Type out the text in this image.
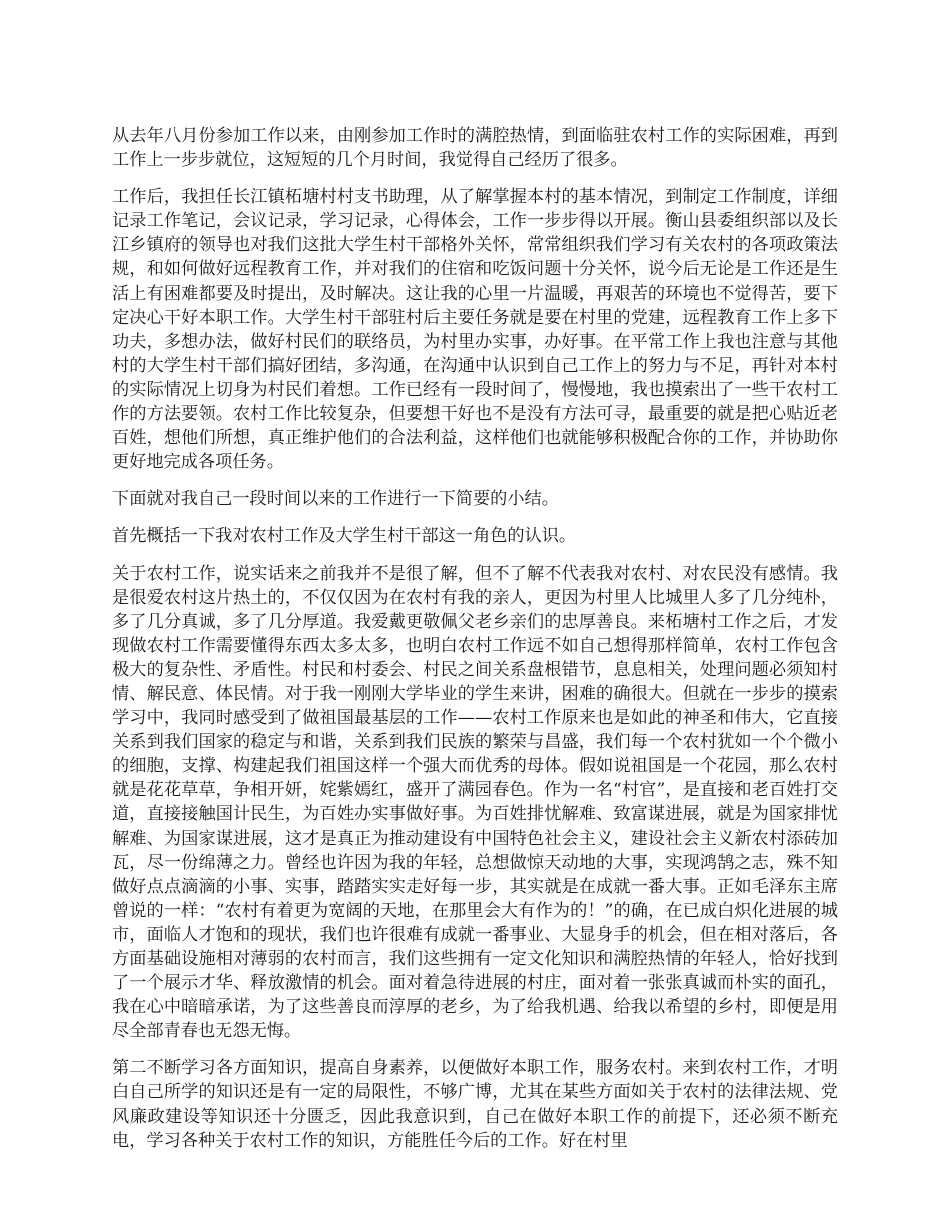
从去年八月份参加工作以来，由刚参加工作时的满腔热情，到面临驻农村工作的实际困难，再到工作上一步步就位，这短短的几个月时间，我觉得自己经历了很多。

工作后，我担任长江镇柘塘村村支书助理，从了解掌握本村的基本情况，到制定工作制度，详细记录工作笔记，会议记录，学习记录，心得体会，工作一步步得以开展。衡山县委组织部以及长江乡镇府的领导也对我们这批大学生村干部格外关怀，常常组织我们学习有关农村的各项政策法规，和如何做好远程教育工作，并对我们的住宿和吃饭问题十分关怀，说今后无论是工作还是生活上有困难都要及时提出，及时解决。这让我的心里一片温暖，再艰苦的环境也不觉得苦，要下定决心干好本职工作。大学生村干部驻村后主要任务就是要在村里的党建，远程教育工作上多下功夫，多想办法，做好村民们的联络员，为村里办实事，办好事。在平常工作上我也注意与其他村的大学生村干部们搞好团结，多沟通，在沟通中认识到自己工作上的努力与不足，再针对本村的实际情况上切身为村民们着想。工作已经有一段时间了，慢慢地，我也摸索出了一些干农村工作的方法要领。农村工作比较复杂，但要想干好也不是没有方法可寻，最重要的就是把心贴近老百姓，想他们所想，真正维护他们的合法利益，这样他们也就能够积极配合你的工作，并协助你更好地完成各项任务。

下面就对我自己一段时间以来的工作进行一下简要的小结。

首先概括一下我对农村工作及大学生村干部这一角色的认识。

关于农村工作，说实话来之前我并不是很了解，但不了解不代表我对农村、对农民没有感情。我是很爱农村这片热土的，不仅仅因为在农村有我的亲人，更因为村里人比城里人多了几分纯朴，多了几分真诚，多了几分厚道。我爱戴更敬佩父老乡亲们的忠厚善良。来柘塘村工作之后，才发现做农村工作需要懂得东西太多太多，也明白农村工作远不如自己想得那样简单，农村工作包含极大的复杂性、矛盾性。村民和村委会、村民之间关系盘根错节，息息相关，处理问题必须知村情、解民意、体民情。对于我一刚刚大学毕业的学生来讲，困难的确很大。但就在一步步的摸索学习中，我同时感受到了做祖国最基层的工作——农村工作原来也是如此的神圣和伟大，它直接关系到我们国家的稳定与和谐，关系到我们民族的繁荣与昌盛，我们每一个农村犹如一个个微小的细胞，支撑、构建起我们祖国这样一个强大而优秀的母体。假如说祖国是一个花园，那么农村就是花花草草，争相开妍，姹紫嫣红，盛开了满园春色。作为一名“村官”，是直接和老百姓打交道，直接接触国计民生，为百姓办实事做好事。为百姓排忧解难、致富谋进展，就是为国家排忧解难、为国家谋进展，这才是真正为推动建设有中国特色社会主义，建设社会主义新农村添砖加瓦，尽一份绵薄之力。曾经也许因为我的年轻，总想做惊天动地的大事，实现鸿鹄之志，殊不知做好点点滴滴的小事、实事，踏踏实实走好每一步，其实就是在成就一番大事。正如毛泽东主席曾说的一样：“农村有着更为宽阔的天地，在那里会大有作为的！”的确，在已成白炽化进展的城市，面临人才饱和的现状，我们也许很难有成就一番事业、大显身手的机会，但在相对落后，各方面基础设施相对薄弱的农村而言，我们这些拥有一定文化知识和满腔热情的年轻人，恰好找到了一个展示才华、释放激情的机会。面对着急待进展的村庄，面对着一张张真诚而朴实的面孔，我在心中暗暗承诺，为了这些善良而淳厚的老乡，为了给我机遇、给我以希望的乡村，即便是用尽全部青春也无怨无悔。

第二不断学习各方面知识，提高自身素养，以便做好本职工作，服务农村。来到农村工作，才明白自己所学的知识还是有一定的局限性，不够广博，尤其在某些方面如关于农村的法律法规、党风廉政建设等知识还十分匮乏，因此我意识到，自己在做好本职工作的前提下，还必须不断充电，学习各种关于农村工作的知识，方能胜任今后的工作。好在村里
